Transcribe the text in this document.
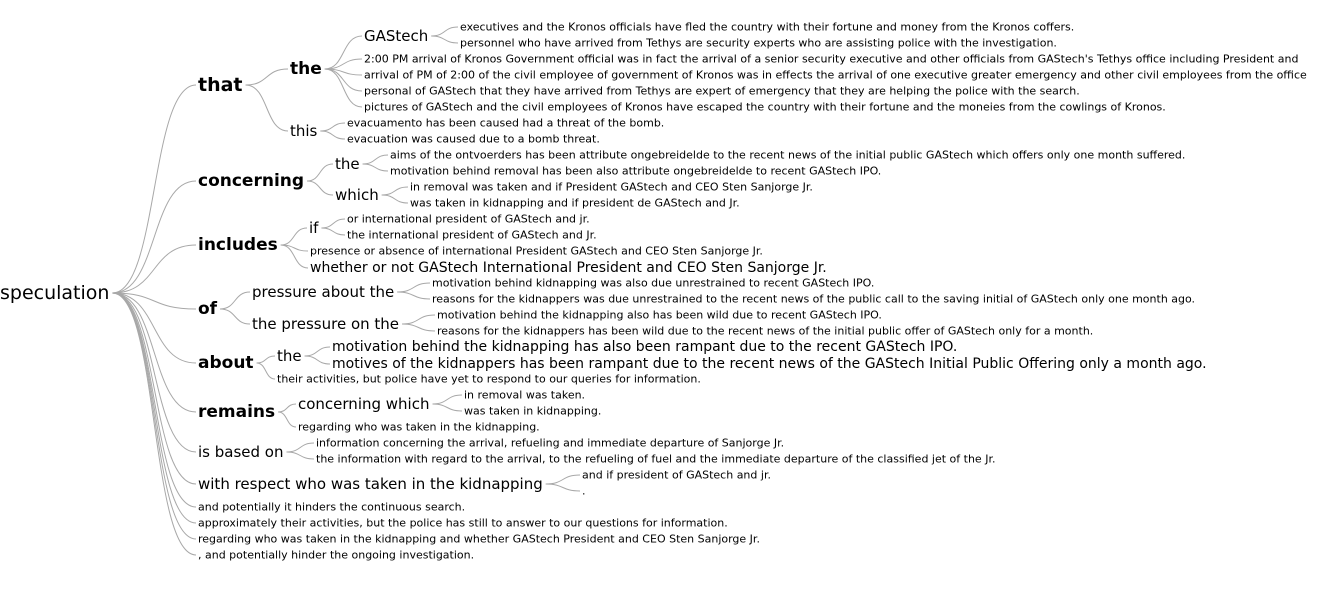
speculation
that
the
GAStech	executives and the Kronos officials have fled the country with their fortune and money from the Kronos coffers.
personnel who have arrived from Tethys are security experts who are assisting police with the investigation.
2:00 PM arrival of Kronos Government official was in fact the arrival of a senior security executive and other officials from GAStech's Tethys office including President and
arrival of PM of 2:00 of the civil employee of government of Kronos was in effects the arrival of one executive greater emergency and other civil employees from the office
personal of GAStech that they have arrived from Tethys are expert of emergency that they are helping the police with the search.
pictures of GAStech and the civil employees of Kronos have escaped the country with their fortune and the moneies from the cowlings of Kronos.
this	evacuamento has been caused had a threat of the bomb.
evacuation was caused due to a bomb threat.
concerning
the	aims of the ontvoerders has been attribute ongebreidelde to the recent news of the initial public GAStech which offers only one month suffered.
motivation behind removal has been also attribute ongebreidelde to recent GAStech IPO.
which	in removal was taken and if President GAStech and CEO Sten Sanjorge Jr.
was taken in kidnapping and if president de GAStech and Jr.
includes
if	or international president of GAStech and jr.
the international president of GAStech and Jr.
presence or absence of international President GAStech and CEO Sten Sanjorge Jr.
whether or not GAStech International President and CEO Sten Sanjorge Jr.
of
pressure about the	motivation behind kidnapping was also due unrestrained to recent GAStech IPO.
reasons for the kidnappers was due unrestrained to the recent news of the public call to the saving initial of GAStech only one month ago.
the pressure on the	motivation behind the kidnapping also has been wild due to recent GAStech IPO.
reasons for the kidnappers has been wild due to the recent news of the initial public offer of GAStech only for a month.
about the motivation behind the kidnapping has also been rampant due to the recent GAStech IPO.
motives of the kidnappers has been rampant due to the recent news of the GAStech Initial Public Offering only a month ago.
their activities, but police have yet to respond to our queries for information.
remains concerning which	in removal was taken.
was taken in kidnapping.
regarding who was taken in the kidnapping.
is based on	information concerning the arrival, refueling and immediate departure of Sanjorge Jr.
the information with regard to the arrival, to the refueling of fuel and the immediate departure of the classified jet of the Jr.
with respect who was taken in the kidnapping	and if president of GAStech and jr.
.
and potentially it hinders the continuous search.
approximately their activities, but the police has still to answer to our questions for information.
regarding who was taken in the kidnapping and whether GAStech President and CEO Sten Sanjorge Jr.
, and potentially hinder the ongoing investigation.
